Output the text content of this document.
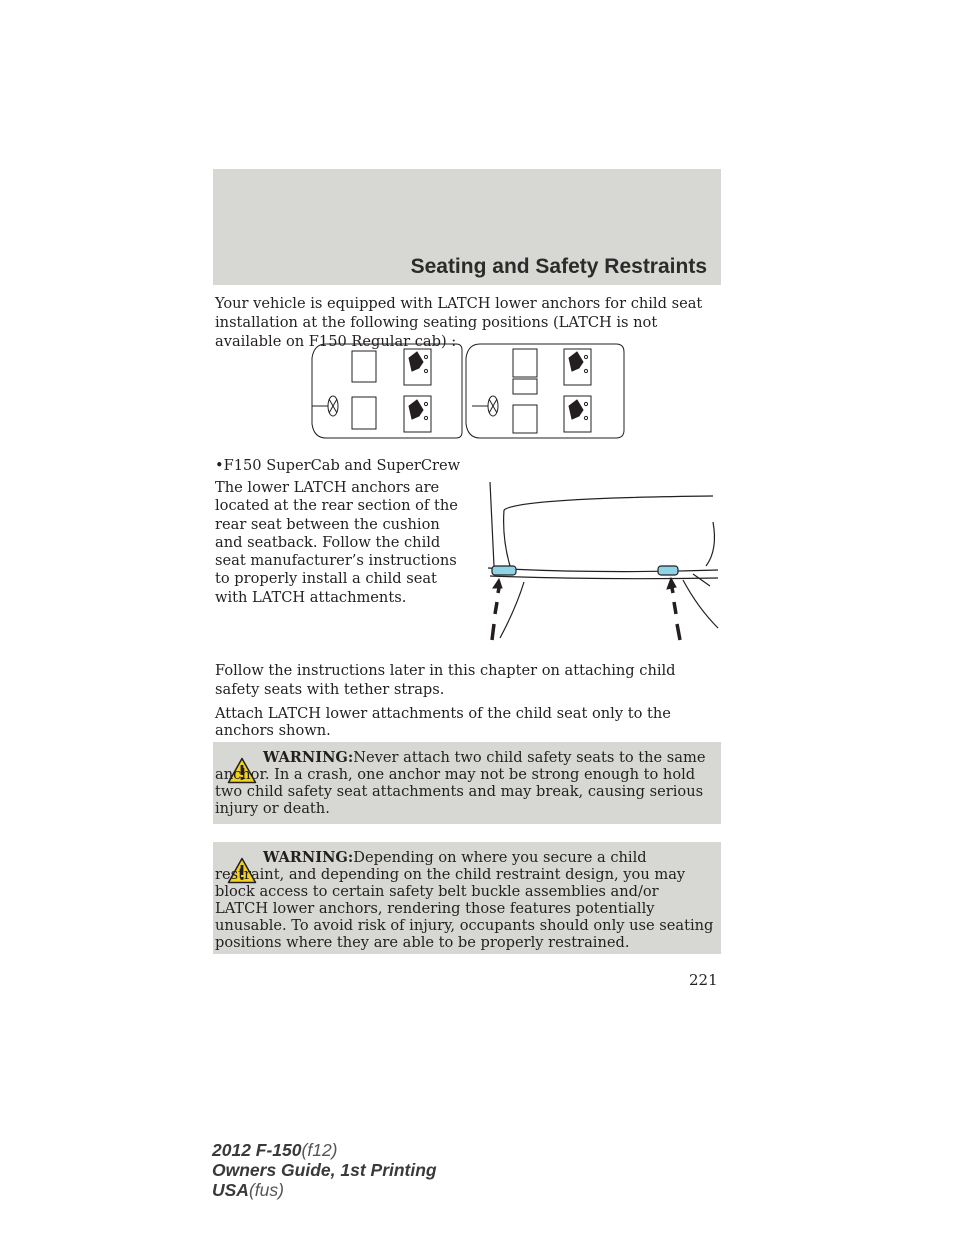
Seating and Safety Restraints

Your vehicle is equipped with LATCH lower anchors for child seat installation at the following seating positions (LATCH is not available on F150 Regular cab) :

•F150 SuperCab and SuperCrew

The lower LATCH anchors are located at the rear section of the rear seat between the cushion and seatback. Follow the child seat manufacturer’s instructions to properly install a child seat with LATCH attachments.

Follow the instructions later in this chapter on attaching child safety seats with tether straps.

Attach LATCH lower attachments of the child seat only to the anchors shown.

WARNING:Never attach two child safety seats to the same anchor. In a crash, one anchor may not be strong enough to hold two child safety seat attachments and may break, causing serious injury or death.

WARNING:Depending on where you secure a child restraint, and depending on the child restraint design, you may block access to certain safety belt buckle assemblies and/or LATCH lower anchors, rendering those features potentially unusable. To avoid risk of injury, occupants should only use seating positions where they are able to be properly restrained.

221
2012 F-150(f12)
Owners Guide, 1st Printing
USA(fus)
